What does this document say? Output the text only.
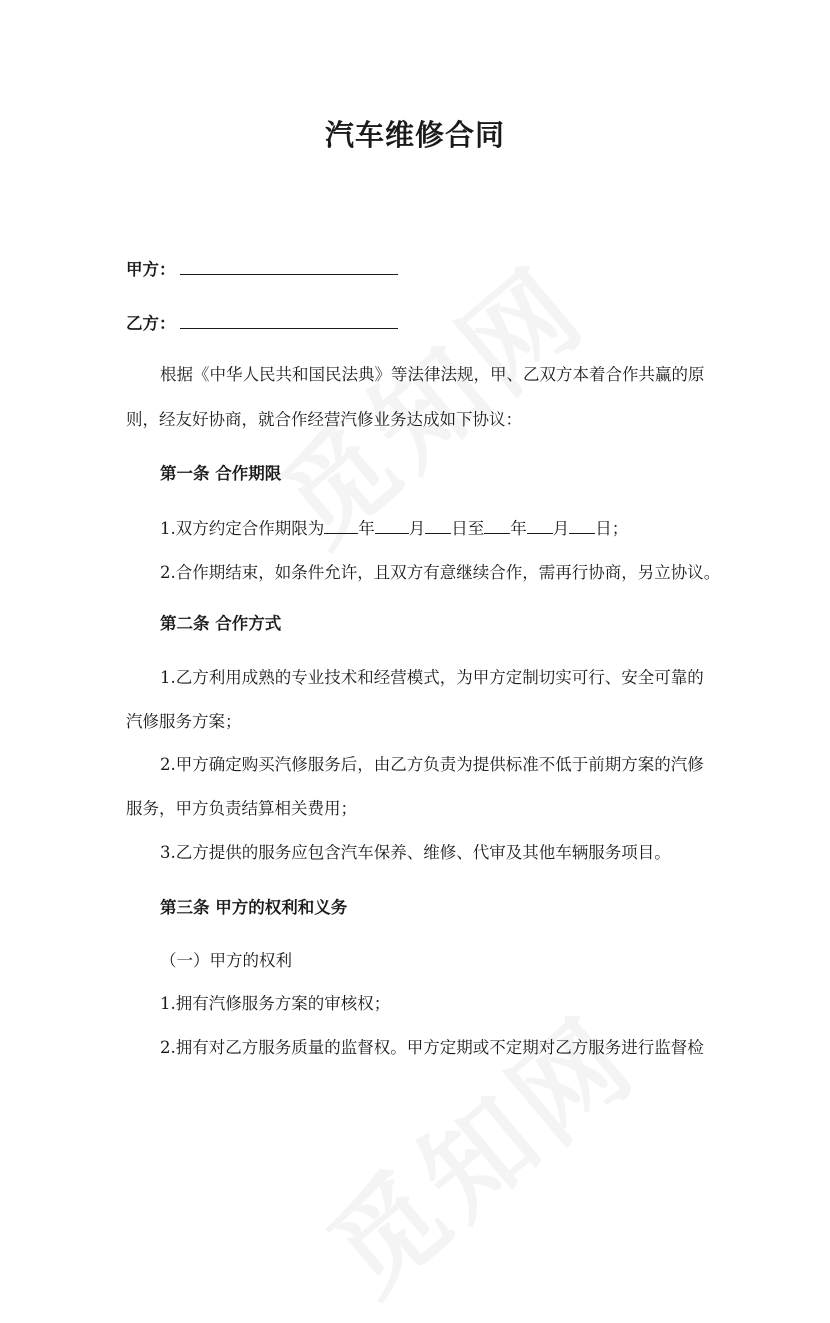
汽车维修合同

甲方：

乙方：

根据《中华人民共和国民法典》等法律法规，甲、乙双方本着合作共赢的原

则，经友好协商，就合作经营汽修业务达成如下协议：

第一条 合作期限

1.双方约定合作期限为 年 月 日至 年 月 日；

2.合作期结束，如条件允许，且双方有意继续合作，需再行协商，另立协议。

第二条 合作方式

1.乙方利用成熟的专业技术和经营模式，为甲方定制切实可行、安全可靠的

汽修服务方案；

2.甲方确定购买汽修服务后，由乙方负责为提供标准不低于前期方案的汽修

服务，甲方负责结算相关费用；

3.乙方提供的服务应包含汽车保养、维修、代审及其他车辆服务项目。

第三条 甲方的权利和义务

（一）甲方的权利

1.拥有汽修服务方案的审核权；

2.拥有对乙方服务质量的监督权。甲方定期或不定期对乙方服务进行监督检
